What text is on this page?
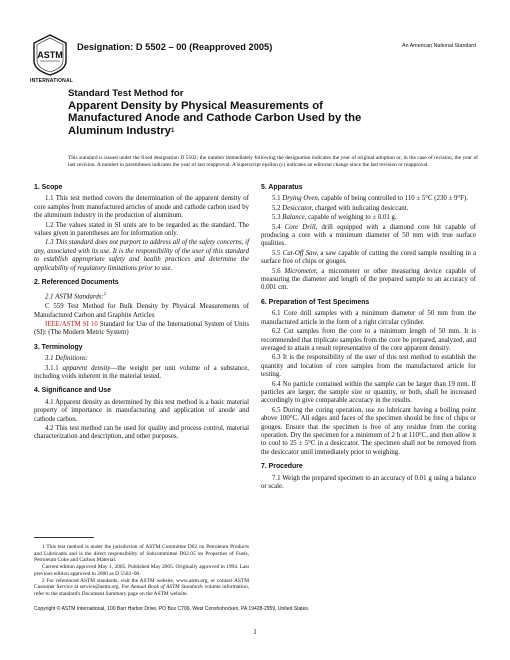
ASTM
INTERNATIONAL
Designation: D 5502 – 00 (Reapproved 2005)	An American National Standard
Standard Test Method for
Apparent Density by Physical Measurements of
Manufactured Anode and Cathode Carbon Used by the
Aluminum Industry$^1$

This standard is issued under the fixed designation D 5502; the number immediately following the designation indicates the year of original adoption or, in the case of revision, the year of last revision. A number in parentheses indicates the year of last reapproval. A superscript epsilon (ε) indicates an editorial change since the last revision or reapproval.

1. Scope

1.1 This test method covers the determination of the apparent density of core samples from manufactured articles of anode and cathode carbon used by the aluminum industry in the production of aluminum.

1.2 The values stated in SI units are to be regarded as the standard. The values given in parentheses are for information only.

1.3 This standard does not purport to address all of the safety concerns, if any, associated with its use. It is the responsibility of the user of this standard to establish appropriate safety and health practices and determine the applicability of regulatory limitations prior to use.

2. Referenced Documents

2.1 ASTM Standards:$^2$

C 559 Test Method for Bulk Density by Physical Measurements of Manufactured Carbon and Graphite Articles

IEEE/ASTM SI 10 Standard for Use of the International System of Units (SI): (The Modern Metric System)

3. Terminology

3.1 Definitions:

3.1.1 apparent density—the weight per unit volume of a substance, including voids inherent in the material tested.

4. Significance and Use

4.1 Apparent density as determined by this test method is a basic material property of importance in manufacturing and application of anode and cathode carbon.

4.2 This test method can be used for quality and process control, material characterization and description, and other purposes.

1 This test method is under the jurisdiction of ASTM Committee D02 on Petroleum Products and Lubricants and is the direct responsibility of Subcommittee D02.05 on Properties of Fuels, Petroleum Coke and Carbon Material.

Current edition approved May 1, 2005. Published May 2005. Originally approved in 1994. Last previous edition approved in 2000 as D 5502–00.

2 For referenced ASTM standards, visit the ASTM website, www.astm.org, or contact ASTM Customer Service at service@astm.org. For Annual Book of ASTM Standards volume information, refer to the standard's Document Summary page on the ASTM website.

5. Apparatus

5.1 Drying Oven, capable of being controlled to 110 ± 5°C (230 ± 9°F).

5.2 Desiccator, charged with indicating desiccant.

5.3 Balance, capable of weighing to ± 0.01 g.

5.4 Core Drill, drill equipped with a diamond core bit capable of producing a core with a minimum diameter of 50 mm with true surface qualities.

5.5 Cut-Off Saw, a saw capable of cutting the cored sample resulting in a surface free of chips or gouges.

5.6 Micrometer, a micrometer or other measuring device capable of measuring the diameter and length of the prepared sample to an accuracy of 0.001 cm.

6. Preparation of Test Specimens

6.1 Core drill samples with a minimum diameter of 50 mm from the manufactured article in the form of a right circular cylinder.

6.2 Cut samples from the core to a minimum length of 50 mm. It is recommended that triplicate samples from the core be prepared, analyzed, and averaged to attain a result representative of the core apparent density.

6.3 It is the responsibility of the user of this test method to establish the quantity and location of core samples from the manufactured article for testing.

6.4 No particle contained within the sample can be larger than 19 mm. If particles are larger, the sample size or quantity, or both, shall be increased accordingly to give comparable accuracy in the results.

6.5 During the coring operation, use no lubricant having a boiling point above 100°C. All edges and faces of the specimen should be free of chips or gouges. Ensure that the specimen is free of any residue from the coring operation. Dry the specimen for a minimum of 2 h at 110°C, and then allow it to cool to 25 ± 5°C in a desiccator. The specimen shall not be removed from the desiccator until immediately prior to weighing.

7. Procedure

7.1 Weigh the prepared specimen to an accuracy of 0.01 g using a balance or scale.

Copyright © ASTM International, 100 Barr Harbor Drive, PO Box C700, West Conshohocken, PA 19428-2959, United States.
1
